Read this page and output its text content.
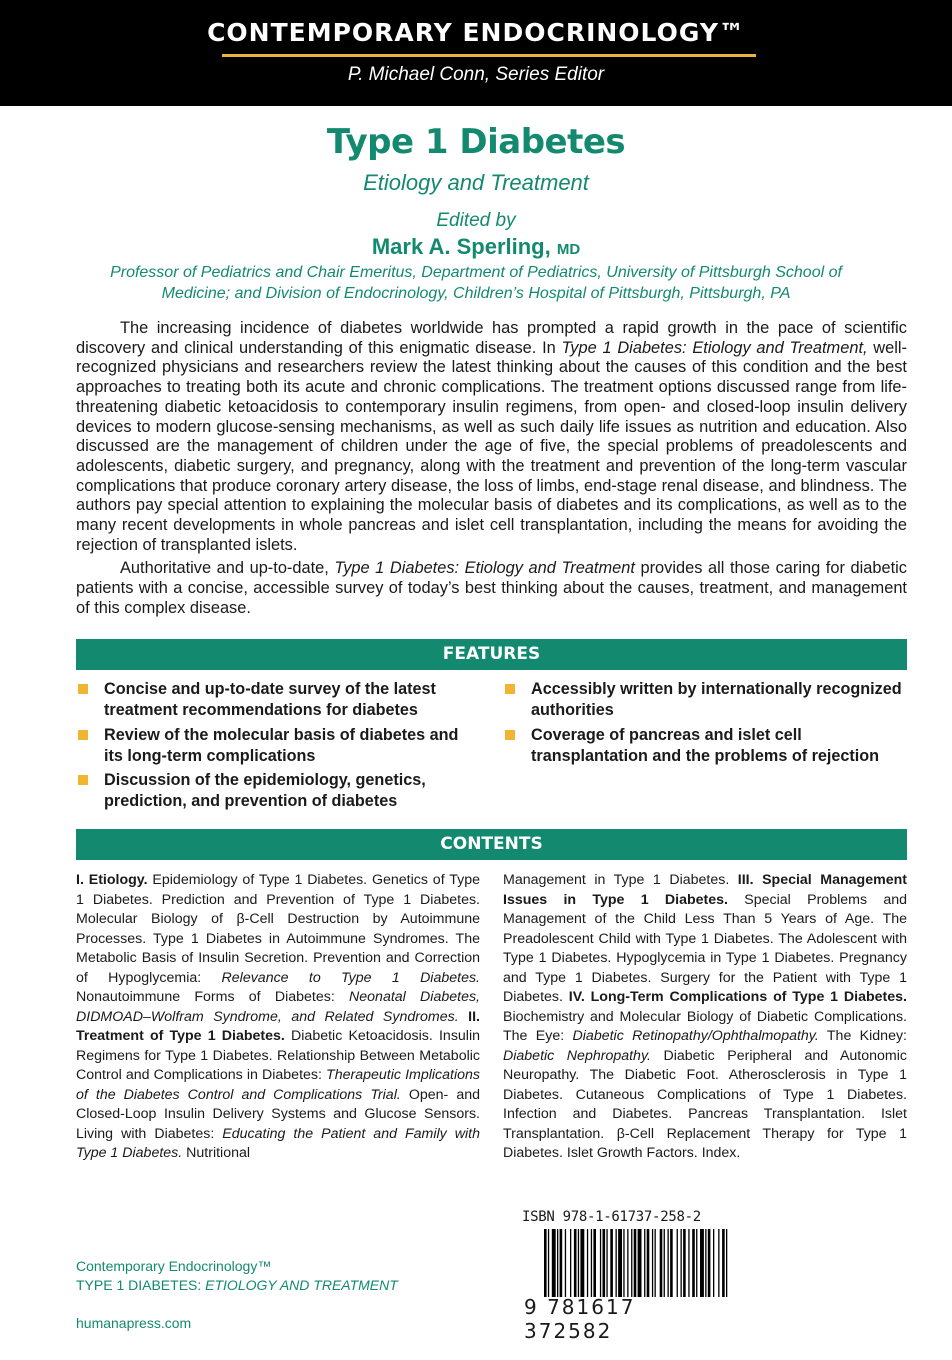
CONTEMPORARY ENDOCRINOLOGY™
P. Michael Conn, Series Editor
Type 1 Diabetes
Etiology and Treatment
Edited by
Mark A. Sperling, MD
Professor of Pediatrics and Chair Emeritus, Department of Pediatrics, University of Pittsburgh School of Medicine; and Division of Endocrinology, Children’s Hospital of Pittsburgh, Pittsburgh, PA

The increasing incidence of diabetes worldwide has prompted a rapid growth in the pace of scientific discovery and clinical understanding of this enigmatic disease. In Type 1 Diabetes: Etiology and Treatment, well-recognized physicians and researchers review the latest thinking about the causes of this condition and the best approaches to treating both its acute and chronic complications. The treatment options discussed range from life-threatening diabetic ketoacidosis to contemporary insulin regimens, from open- and closed-loop insulin delivery devices to modern glucose-sensing mechanisms, as well as such daily life issues as nutrition and education. Also discussed are the management of children under the age of five, the special problems of preadolescents and adolescents, diabetic surgery, and pregnancy, along with the treatment and prevention of the long-term vascular complications that produce coronary artery disease, the loss of limbs, end-stage renal disease, and blindness. The authors pay special attention to explaining the molecular basis of diabetes and its complications, as well as to the many recent developments in whole pancreas and islet cell transplantation, including the means for avoiding the rejection of transplanted islets.

Authoritative and up-to-date, Type 1 Diabetes: Etiology and Treatment provides all those caring for diabetic patients with a concise, accessible survey of today’s best thinking about the causes, treatment, and management of this complex disease.

FEATURES
Concise and up-to-date survey of the latest treatment recommendations for diabetes
Review of the molecular basis of diabetes and its long-term complications
Discussion of the epidemiology, genetics, prediction, and prevention of diabetes
Accessibly written by internationally recognized authorities
Coverage of pancreas and islet cell transplantation and the problems of rejection
CONTENTS
I. Etiology. Epidemiology of Type 1 Diabetes. Genetics of Type 1 Diabetes. Prediction and Prevention of Type 1 Diabetes. Molecular Biology of β-Cell Destruction by Autoimmune Processes. Type 1 Diabetes in Autoimmune Syndromes. The Metabolic Basis of Insulin Secretion. Prevention and Correction of Hypoglycemia: Relevance to Type 1 Diabetes. Nonautoimmune Forms of Diabetes: Neonatal Diabetes, DIDMOAD–Wolfram Syndrome, and Related Syndromes. II. Treatment of Type 1 Diabetes. Diabetic Ketoacidosis. Insulin Regimens for Type 1 Diabetes. Relationship Between Metabolic Control and Complications in Diabetes: Therapeutic Implications of the Diabetes Control and Complications Trial. Open- and Closed-Loop Insulin Delivery Systems and Glucose Sensors. Living with Diabetes: Educating the Patient and Family with Type 1 Diabetes. Nutritional
Management in Type 1 Diabetes. III. Special Management Issues in Type 1 Diabetes. Special Problems and Management of the Child Less Than 5 Years of Age. The Preadolescent Child with Type 1 Diabetes. The Adolescent with Type 1 Diabetes. Hypoglycemia in Type 1 Diabetes. Pregnancy and Type 1 Diabetes. Surgery for the Patient with Type 1 Diabetes. IV. Long-Term Complications of Type 1 Diabetes. Biochemistry and Molecular Biology of Diabetic Complications. The Eye: Diabetic Retinopathy/Ophthalmopathy. The Kidney: Diabetic Nephropathy. Diabetic Peripheral and Autonomic Neuropathy. The Diabetic Foot. Atherosclerosis in Type 1 Diabetes. Cutaneous Complications of Type 1 Diabetes. Infection and Diabetes. Pancreas Transplantation. Islet Transplantation. β-Cell Replacement Therapy for Type 1 Diabetes. Islet Growth Factors. Index.
ISBN 978-1-61737-258-2
9 781617 372582
Contemporary Endocrinology™
TYPE 1 DIABETES: ETIOLOGY AND TREATMENT
humanapress.com
